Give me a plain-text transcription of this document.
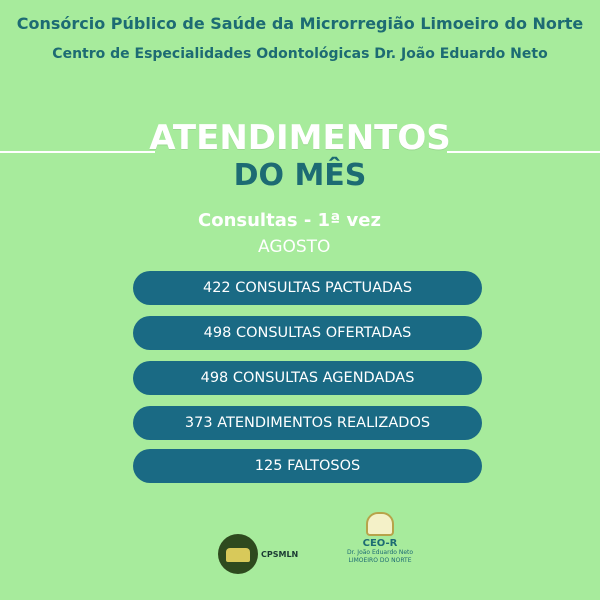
Consórcio Público de Saúde da Microrregião Limoeiro do Norte
Centro de Especialidades Odontológicas Dr. João Eduardo Neto
ATENDIMENTOS
DO MÊS
Consultas - 1ª vez
AGOSTO
422 CONSULTAS PACTUADAS
498 CONSULTAS OFERTADAS
498 CONSULTAS AGENDADAS
373 ATENDIMENTOS REALIZADOS
125 FALTOSOS
CPSMLN
CEO-R
Dr. João Eduardo Neto
LIMOEIRO DO NORTE
